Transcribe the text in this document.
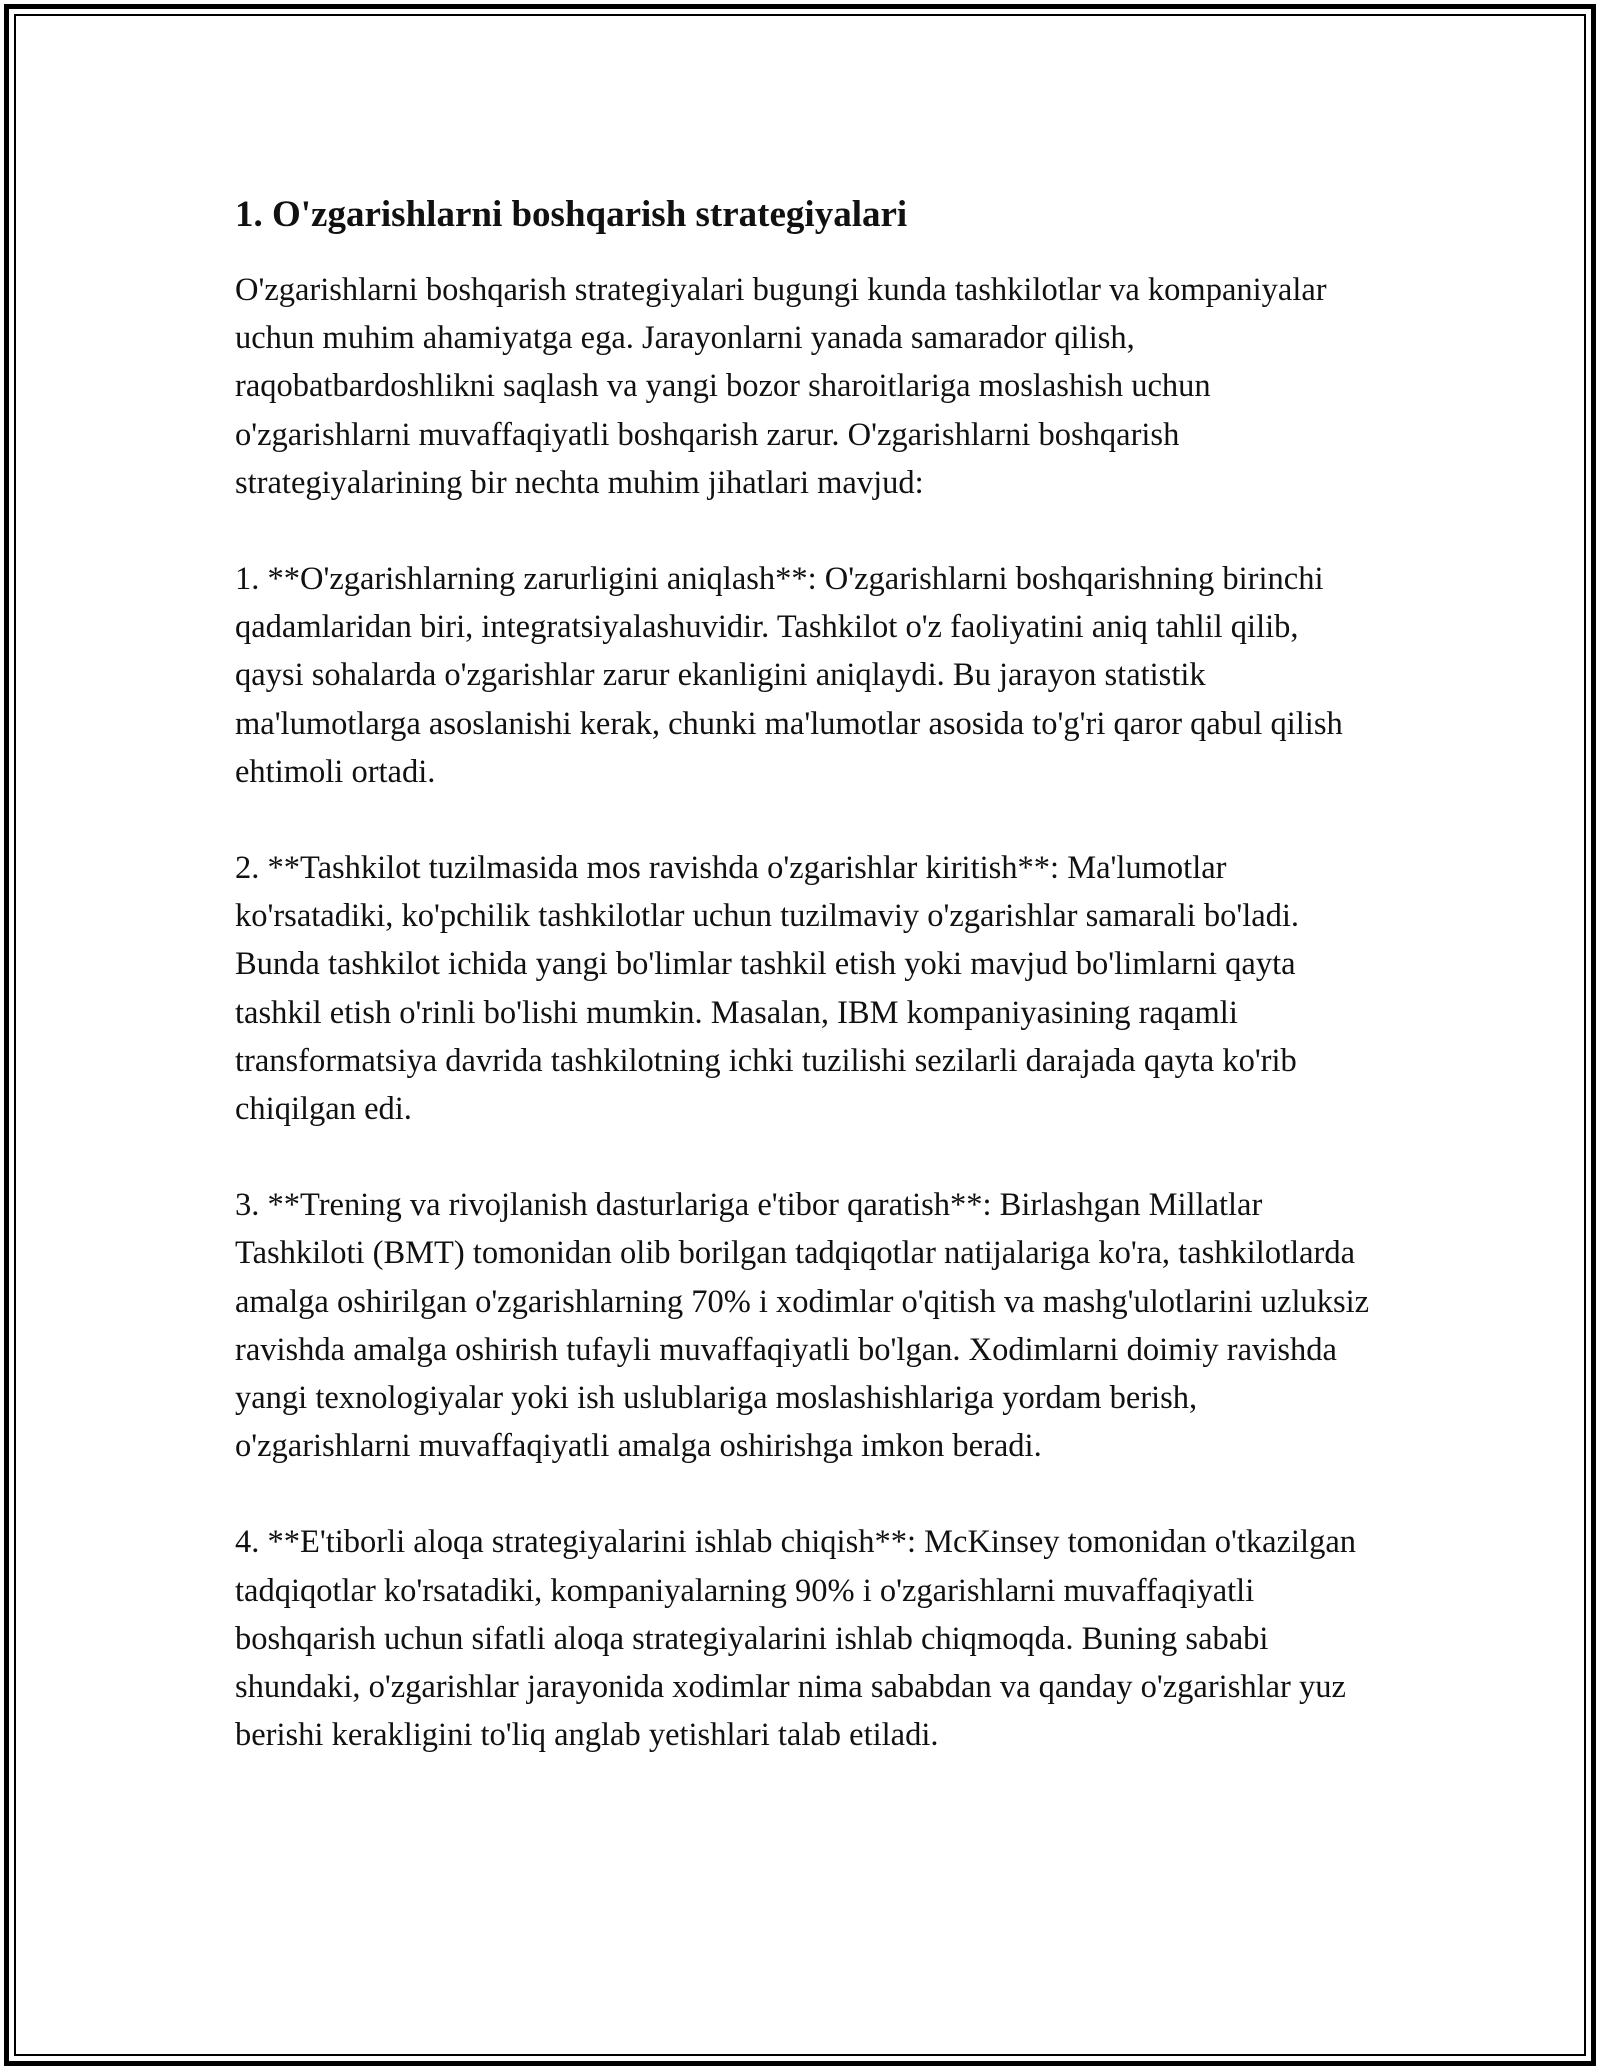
1. O'zgarishlarni boshqarish strategiyalari

O'zgarishlarni boshqarish strategiyalari bugungi kunda tashkilotlar va kompaniyalar uchun muhim ahamiyatga ega. Jarayonlarni yanada samarador qilish, raqobatbardoshlikni saqlash va yangi bozor sharoitlariga moslashish uchun o'zgarishlarni muvaffaqiyatli boshqarish zarur. O'zgarishlarni boshqarish strategiyalarining bir nechta muhim jihatlari mavjud:

1. **O'zgarishlarning zarurligini aniqlash**: O'zgarishlarni boshqarishning birinchi qadamlaridan biri, integratsiyalashuvidir. Tashkilot o'z faoliyatini aniq tahlil qilib, qaysi sohalarda o'zgarishlar zarur ekanligini aniqlaydi. Bu jarayon statistik ma'lumotlarga asoslanishi kerak, chunki ma'lumotlar asosida to'g'ri qaror qabul qilish ehtimoli ortadi.

2. **Tashkilot tuzilmasida mos ravishda o'zgarishlar kiritish**: Ma'lumotlar ko'rsatadiki, ko'pchilik tashkilotlar uchun tuzilmaviy o'zgarishlar samarali bo'ladi. Bunda tashkilot ichida yangi bo'limlar tashkil etish yoki mavjud bo'limlarni qayta tashkil etish o'rinli bo'lishi mumkin. Masalan, IBM kompaniyasining raqamli transformatsiya davrida tashkilotning ichki tuzilishi sezilarli darajada qayta ko'rib chiqilgan edi.

3. **Trening va rivojlanish dasturlariga e'tibor qaratish**: Birlashgan Millatlar Tashkiloti (BMT) tomonidan olib borilgan tadqiqotlar natijalariga ko'ra, tashkilotlarda amalga oshirilgan o'zgarishlarning 70% i xodimlar o'qitish va mashg'ulotlarini uzluksiz ravishda amalga oshirish tufayli muvaffaqiyatli bo'lgan. Xodimlarni doimiy ravishda yangi texnologiyalar yoki ish uslublariga moslashishlariga yordam berish, o'zgarishlarni muvaffaqiyatli amalga oshirishga imkon beradi.

4. **E'tiborli aloqa strategiyalarini ishlab chiqish**: McKinsey tomonidan o'tkazilgan tadqiqotlar ko'rsatadiki, kompaniyalarning 90% i o'zgarishlarni muvaffaqiyatli boshqarish uchun sifatli aloqa strategiyalarini ishlab chiqmoqda. Buning sababi shundaki, o'zgarishlar jarayonida xodimlar nima sababdan va qanday o'zgarishlar yuz berishi kerakligini to'liq anglab yetishlari talab etiladi.
